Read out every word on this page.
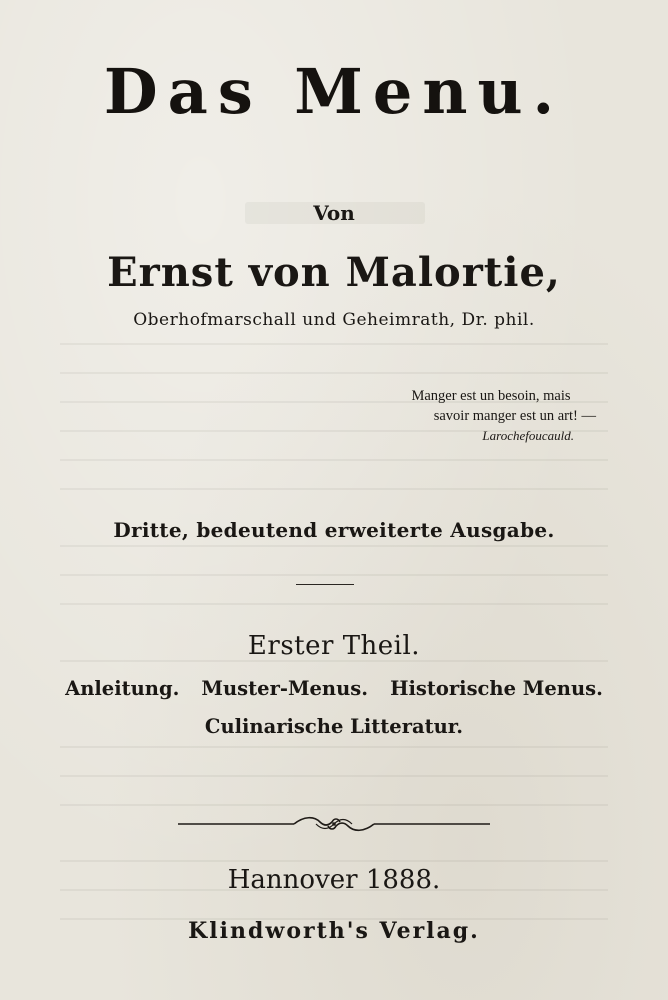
Das Menu.
Von
Ernst von Malortie,
Oberhofmarschall und Geheimrath, Dr. phil.
Manger est un besoin, mais
savoir manger est un art! —
Larochefoucauld.
Dritte, bedeutend erweiterte Ausgabe.
Erster Theil.
Anleitung. Muster-Menus. Historische Menus.
Culinarische Litteratur.
Hannover 1888.
Klindworth's Verlag.
